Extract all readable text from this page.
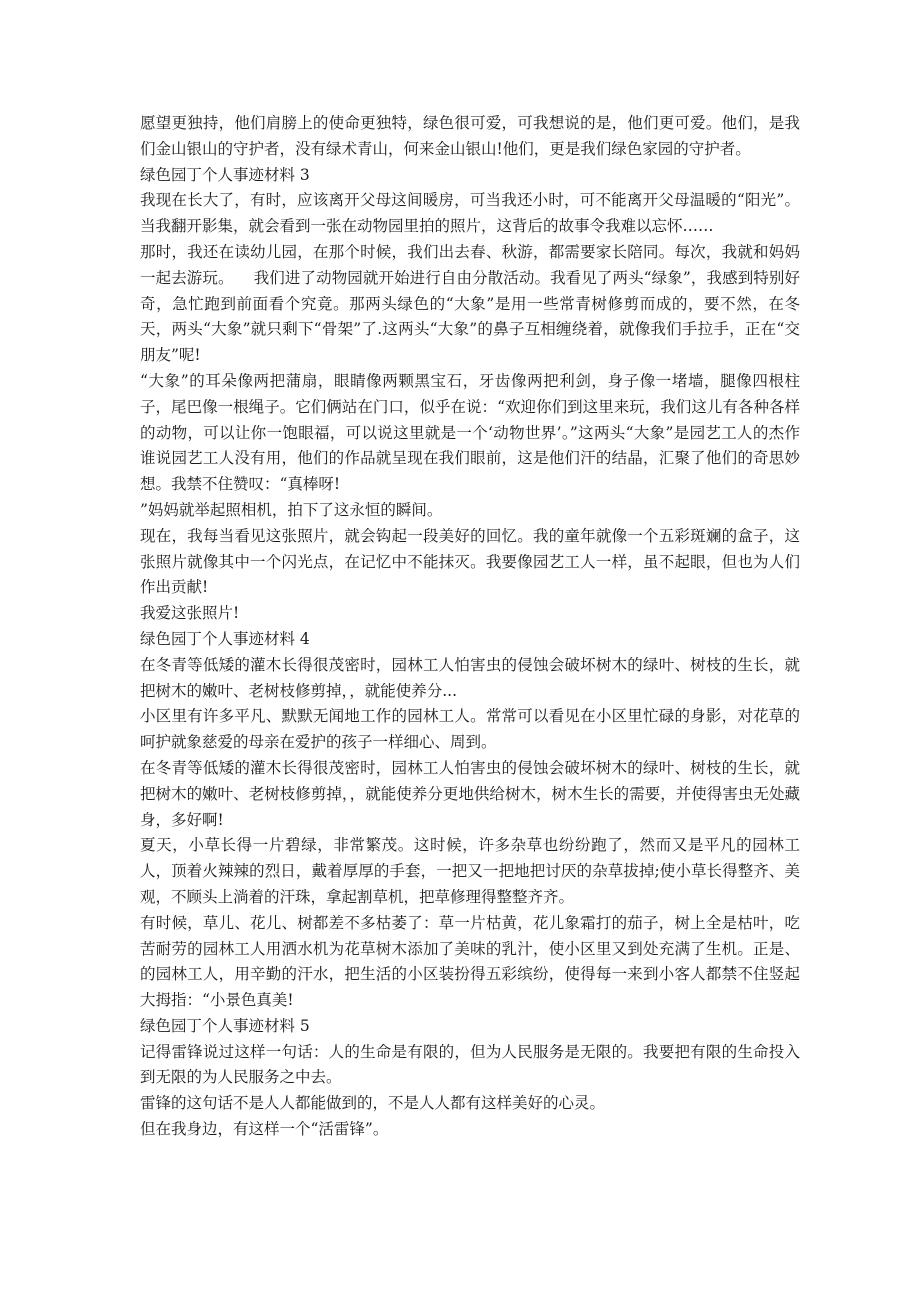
愿望更独持，他们肩膀上的使命更独特，绿色很可爱，可我想说的是，他们更可爱。他们，是我们金山银山的守护者，没有绿术青山，何来金山银山!他们，更是我们绿色家园的守护者。

绿色园丁个人事迹材料 3

我现在长大了，有时，应该离开父母这间暖房，可当我还小时，可不能离开父母温暖的“阳光”。当我翻开影集，就会看到一张在动物园里拍的照片，这背后的故事令我难以忘怀……

那时，我还在读幼儿园，在那个时候，我们出去春、秋游，都需要家长陪同。每次，我就和妈妈一起去游玩。    我们进了动物园就开始进行自由分散活动。我看见了两头“绿象”，我感到特别好奇，急忙跑到前面看个究竟。那两头绿色的“大象”是用一些常青树修剪而成的，要不然，在冬天，两头“大象”就只剩下“骨架”了.这两头“大象”的鼻子互相缠绕着，就像我们手拉手，正在“交朋友”呢!

“大象”的耳朵像两把蒲扇，眼睛像两颗黑宝石，牙齿像两把利剑，身子像一堵墙，腿像四根柱子，尾巴像一根绳子。它们俩站在门口，似乎在说：“欢迎你们到这里来玩，我们这儿有各种各样的动物，可以让你一饱眼福，可以说这里就是一个‘动物世界’。”这两头“大象”是园艺工人的杰作谁说园艺工人没有用，他们的作品就呈现在我们眼前，这是他们汗的结晶，汇聚了他们的奇思妙想。我禁不住赞叹：“真棒呀!

”妈妈就举起照相机，拍下了这永恒的瞬间。

现在，我每当看见这张照片，就会钩起一段美好的回忆。我的童年就像一个五彩斑斓的盒子，这张照片就像其中一个闪光点，在记忆中不能抹灭。我要像园艺工人一样，虽不起眼，但也为人们作出贡献!

我爱这张照片!

绿色园丁个人事迹材料 4

在冬青等低矮的灌木长得很茂密时，园林工人怕害虫的侵蚀会破坏树木的绿叶、树枝的生长，就把树木的嫩叶、老树枝修剪掉，，就能使养分...

小区里有许多平凡、默默无闻地工作的园林工人。常常可以看见在小区里忙碌的身影，对花草的呵护就象慈爱的母亲在爱护的孩子一样细心、周到。

在冬青等低矮的灌木长得很茂密时，园林工人怕害虫的侵蚀会破坏树木的绿叶、树枝的生长，就把树木的嫩叶、老树枝修剪掉，，就能使养分更地供给树木，树木生长的需要，并使得害虫无处藏身，多好啊!

夏天，小草长得一片碧绿，非常繁茂。这时候，许多杂草也纷纷跑了，然而又是平凡的园林工人，顶着火辣辣的烈日，戴着厚厚的手套，一把又一把地把讨厌的杂草拔掉;使小草长得整齐、美观，不顾头上淌着的汗珠，拿起割草机，把草修理得整整齐齐。

有时候，草儿、花儿、树都差不多枯萎了：草一片枯黄，花儿象霜打的茄子，树上全是枯叶，吃苦耐劳的园林工人用洒水机为花草树木添加了美味的乳汁，使小区里又到处充满了生机。正是、的园林工人，用辛勤的汗水，把生活的小区装扮得五彩缤纷，使得每一来到小客人都禁不住竖起大拇指：“小景色真美!

绿色园丁个人事迹材料 5

记得雷锋说过这样一句话：人的生命是有限的，但为人民服务是无限的。我要把有限的生命投入到无限的为人民服务之中去。

雷锋的这句话不是人人都能做到的，不是人人都有这样美好的心灵。

但在我身边，有这样一个“活雷锋”。
